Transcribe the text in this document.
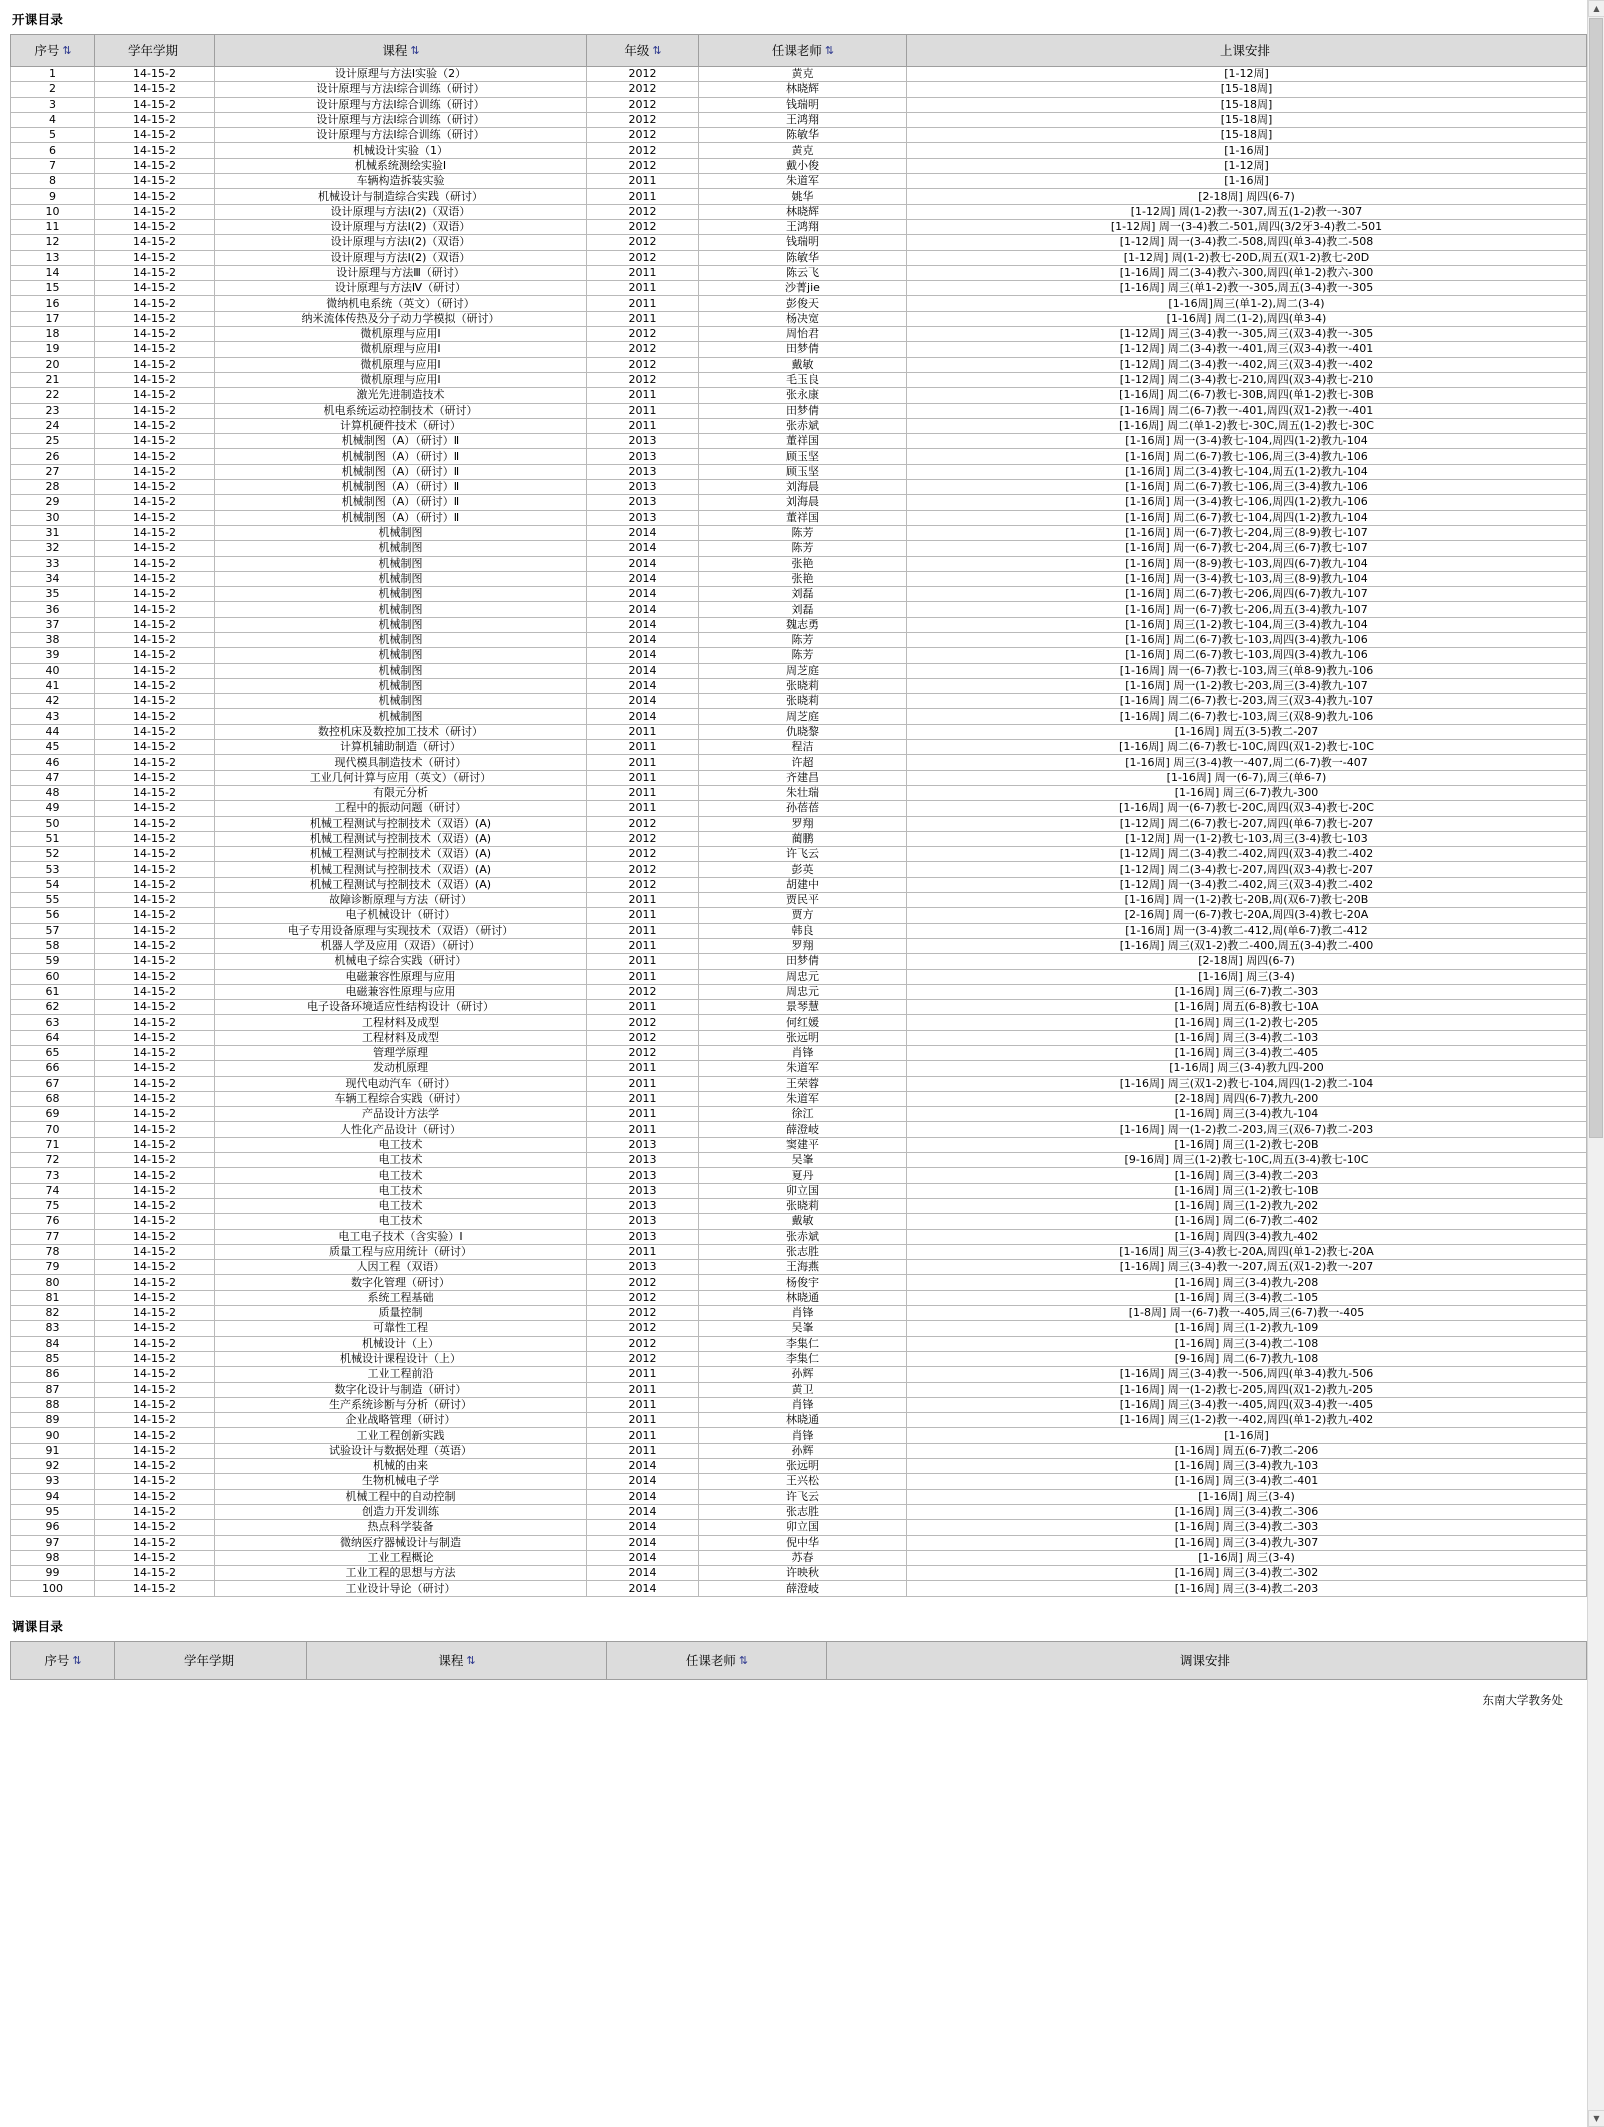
开课目录
序号 ⇅	学年学期	课程 ⇅	年级 ⇅	任课老师 ⇅	上课安排
1	14-15-2	设计原理与方法Ⅰ实验（2）	2012	黄克	[1-12周]
2	14-15-2	设计原理与方法Ⅰ综合训练（研讨）	2012	林晓辉	[15-18周]
3	14-15-2	设计原理与方法Ⅰ综合训练（研讨）	2012	钱瑞明	[15-18周]
4	14-15-2	设计原理与方法Ⅰ综合训练（研讨）	2012	王鸿翔	[15-18周]
5	14-15-2	设计原理与方法Ⅰ综合训练（研讨）	2012	陈敏华	[15-18周]
6	14-15-2	机械设计实验（1）	2012	黄克	[1-16周]
7	14-15-2	机械系统测绘实验Ⅰ	2012	戴小俊	[1-12周]
8	14-15-2	车辆构造拆装实验	2011	朱道军	[1-16周]
9	14-15-2	机械设计与制造综合实践（研讨）	2011	姚华	[2-18周] 周四(6-7)
10	14-15-2	设计原理与方法Ⅰ(2)（双语）	2012	林晓辉	[1-12周] 周(1-2)教一-307,周五(1-2)教一-307
11	14-15-2	设计原理与方法Ⅰ(2)（双语）	2012	王鸿翔	[1-12周] 周一(3-4)教二-501,周四(3/2牙3-4)教二-501
12	14-15-2	设计原理与方法Ⅰ(2)（双语）	2012	钱瑞明	[1-12周] 周一(3-4)教二-508,周四(单3-4)教二-508
13	14-15-2	设计原理与方法Ⅰ(2)（双语）	2012	陈敏华	[1-12周] 周(1-2)教七-20D,周五(双1-2)教七-20D
14	14-15-2	设计原理与方法Ⅲ（研讨）	2011	陈云飞	[1-16周] 周二(3-4)教六-300,周四(单1-2)教六-300
15	14-15-2	设计原理与方法Ⅳ（研讨）	2011	沙菁jie	[1-16周] 周三(单1-2)教一-305,周五(3-4)教一-305
16	14-15-2	微纳机电系统（英文）（研讨）	2011	彭俊天	[1-16周]周三(单1-2),周二(3-4)
17	14-15-2	纳米流体传热及分子动力学模拟（研讨）	2011	杨决宽	[1-16周] 周二(1-2),周四(单3-4)
18	14-15-2	微机原理与应用Ⅰ	2012	周怡君	[1-12周] 周三(3-4)教一-305,周三(双3-4)教一-305
19	14-15-2	微机原理与应用Ⅰ	2012	田梦倩	[1-12周] 周二(3-4)教一-401,周三(双3-4)教一-401
20	14-15-2	微机原理与应用Ⅰ	2012	戴敏	[1-12周] 周二(3-4)教一-402,周三(双3-4)教一-402
21	14-15-2	微机原理与应用Ⅰ	2012	毛玉良	[1-12周] 周二(3-4)教七-210,周四(双3-4)教七-210
22	14-15-2	激光先进制造技术	2011	张永康	[1-16周] 周二(6-7)教七-30B,周四(单1-2)教七-30B
23	14-15-2	机电系统运动控制技术（研讨）	2011	田梦倩	[1-16周] 周二(6-7)教一-401,周四(双1-2)教一-401
24	14-15-2	计算机硬件技术（研讨）	2011	张赤斌	[1-16周] 周二(单1-2)教七-30C,周五(1-2)教七-30C
25	14-15-2	机械制图（A）（研讨）Ⅱ	2013	董祥国	[1-16周] 周一(3-4)教七-104,周四(1-2)教九-104
26	14-15-2	机械制图（A）（研讨）Ⅱ	2013	顾玉坚	[1-16周] 周二(6-7)教七-106,周三(3-4)教九-106
27	14-15-2	机械制图（A）（研讨）Ⅱ	2013	顾玉坚	[1-16周] 周二(3-4)教七-104,周五(1-2)教九-104
28	14-15-2	机械制图（A）（研讨）Ⅱ	2013	刘海晨	[1-16周] 周二(6-7)教七-106,周三(3-4)教九-106
29	14-15-2	机械制图（A）（研讨）Ⅱ	2013	刘海晨	[1-16周] 周一(3-4)教七-106,周四(1-2)教九-106
30	14-15-2	机械制图（A）（研讨）Ⅱ	2013	董祥国	[1-16周] 周二(6-7)教七-104,周四(1-2)教九-104
31	14-15-2	机械制图	2014	陈芳	[1-16周] 周一(6-7)教七-204,周三(8-9)教七-107
32	14-15-2	机械制图	2014	陈芳	[1-16周] 周一(6-7)教七-204,周三(6-7)教七-107
33	14-15-2	机械制图	2014	张艳	[1-16周] 周一(8-9)教七-103,周四(6-7)教九-104
34	14-15-2	机械制图	2014	张艳	[1-16周] 周一(3-4)教七-103,周三(8-9)教九-104
35	14-15-2	机械制图	2014	刘磊	[1-16周] 周二(6-7)教七-206,周四(6-7)教九-107
36	14-15-2	机械制图	2014	刘磊	[1-16周] 周一(6-7)教七-206,周五(3-4)教九-107
37	14-15-2	机械制图	2014	魏志勇	[1-16周] 周三(1-2)教七-104,周三(3-4)教九-104
38	14-15-2	机械制图	2014	陈芳	[1-16周] 周二(6-7)教七-103,周四(3-4)教九-106
39	14-15-2	机械制图	2014	陈芳	[1-16周] 周二(6-7)教七-103,周四(3-4)教九-106
40	14-15-2	机械制图	2014	周芝庭	[1-16周] 周一(6-7)教七-103,周三(单8-9)教九-106
41	14-15-2	机械制图	2014	张晓莉	[1-16周] 周一(1-2)教七-203,周三(3-4)教九-107
42	14-15-2	机械制图	2014	张晓莉	[1-16周] 周二(6-7)教七-203,周三(双3-4)教九-107
43	14-15-2	机械制图	2014	周芝庭	[1-16周] 周二(6-7)教七-103,周三(双8-9)教九-106
44	14-15-2	数控机床及数控加工技术（研讨）	2011	仇晓黎	[1-16周] 周五(3-5)教二-207
45	14-15-2	计算机辅助制造（研讨）	2011	程洁	[1-16周] 周二(6-7)教七-10C,周四(双1-2)教七-10C
46	14-15-2	现代模具制造技术（研讨）	2011	许超	[1-16周] 周三(3-4)教一-407,周二(6-7)教一-407
47	14-15-2	工业几何计算与应用（英文）（研讨）	2011	齐建昌	[1-16周] 周一(6-7),周三(单6-7)
48	14-15-2	有限元分析	2011	朱壮瑞	[1-16周] 周三(6-7)教九-300
49	14-15-2	工程中的振动问题（研讨）	2011	孙蓓蓓	[1-16周] 周一(6-7)教七-20C,周四(双3-4)教七-20C
50	14-15-2	机械工程测试与控制技术（双语）(A)	2012	罗翔	[1-12周] 周二(6-7)教七-207,周四(单6-7)教七-207
51	14-15-2	机械工程测试与控制技术（双语）(A)	2012	蔺鹏	[1-12周] 周一(1-2)教七-103,周三(3-4)教七-103
52	14-15-2	机械工程测试与控制技术（双语）(A)	2012	许飞云	[1-12周] 周二(3-4)教二-402,周四(双3-4)教二-402
53	14-15-2	机械工程测试与控制技术（双语）(A)	2012	彭英	[1-12周] 周二(3-4)教七-207,周四(双3-4)教七-207
54	14-15-2	机械工程测试与控制技术（双语）(A)	2012	胡建中	[1-12周] 周一(3-4)教二-402,周三(双3-4)教二-402
55	14-15-2	故障诊断原理与方法（研讨）	2011	贾民平	[1-16周] 周一(1-2)教七-20B,周(双6-7)教七-20B
56	14-15-2	电子机械设计（研讨）	2011	贾方	[2-16周] 周一(6-7)教七-20A,周四(3-4)教七-20A
57	14-15-2	电子专用设备原理与实现技术（双语）（研讨）	2011	韩良	[1-16周] 周一(3-4)教二-412,周(单6-7)教二-412
58	14-15-2	机器人学及应用（双语）（研讨）	2011	罗翔	[1-16周] 周三(双1-2)教二-400,周五(3-4)教二-400
59	14-15-2	机械电子综合实践（研讨）	2011	田梦倩	[2-18周] 周四(6-7)
60	14-15-2	电磁兼容性原理与应用	2011	周忠元	[1-16周] 周三(3-4)
61	14-15-2	电磁兼容性原理与应用	2012	周忠元	[1-16周] 周三(6-7)教二-303
62	14-15-2	电子设备环境适应性结构设计（研讨）	2011	景琴慧	[1-16周] 周五(6-8)教七-10A
63	14-15-2	工程材料及成型	2012	何红媛	[1-16周] 周三(1-2)教七-205
64	14-15-2	工程材料及成型	2012	张远明	[1-16周] 周三(3-4)教二-103
65	14-15-2	管理学原理	2012	肖锋	[1-16周] 周三(3-4)教二-405
66	14-15-2	发动机原理	2011	朱道军	[1-16周] 周三(3-4)教九四-200
67	14-15-2	现代电动汽车（研讨）	2011	王荣蓉	[1-16周] 周三(双1-2)教七-104,周四(1-2)教二-104
68	14-15-2	车辆工程综合实践（研讨）	2011	朱道军	[2-18周] 周四(6-7)教九-200
69	14-15-2	产品设计方法学	2011	徐江	[1-16周] 周三(3-4)教九-104
70	14-15-2	人性化产品设计（研讨）	2011	薛澄岐	[1-16周] 周一(1-2)教二-203,周三(双6-7)教二-203
71	14-15-2	电工技术	2013	窦建平	[1-16周] 周三(1-2)教七-20B
72	14-15-2	电工技术	2013	吴峯	[9-16周] 周三(1-2)教七-10C,周五(3-4)教七-10C
73	14-15-2	电工技术	2013	夏丹	[1-16周] 周三(3-4)教二-203
74	14-15-2	电工技术	2013	卯立国	[1-16周] 周三(1-2)教七-10B
75	14-15-2	电工技术	2013	张晓莉	[1-16周] 周三(1-2)教九-202
76	14-15-2	电工技术	2013	戴敏	[1-16周] 周二(6-7)教二-402
77	14-15-2	电工电子技术（含实验）Ⅰ	2013	张赤斌	[1-16周] 周四(3-4)教九-402
78	14-15-2	质量工程与应用统计（研讨）	2011	张志胜	[1-16周] 周三(3-4)教七-20A,周四(单1-2)教七-20A
79	14-15-2	人因工程（双语）	2013	王海燕	[1-16周] 周三(3-4)教一-207,周五(双1-2)教一-207
80	14-15-2	数字化管理（研讨）	2012	杨俊宇	[1-16周] 周三(3-4)教九-208
81	14-15-2	系统工程基础	2012	林晓通	[1-16周] 周三(3-4)教二-105
82	14-15-2	质量控制	2012	肖锋	[1-8周] 周一(6-7)教一-405,周三(6-7)教一-405
83	14-15-2	可靠性工程	2012	吴峯	[1-16周] 周三(1-2)教九-109
84	14-15-2	机械设计（上）	2012	李集仁	[1-16周] 周三(3-4)教二-108
85	14-15-2	机械设计课程设计（上）	2012	李集仁	[9-16周] 周二(6-7)教九-108
86	14-15-2	工业工程前沿	2011	孙辉	[1-16周] 周三(3-4)教一-506,周四(单3-4)教九-506
87	14-15-2	数字化设计与制造（研讨）	2011	黄卫	[1-16周] 周一(1-2)教七-205,周四(双1-2)教九-205
88	14-15-2	生产系统诊断与分析（研讨）	2011	肖锋	[1-16周] 周三(3-4)教一-405,周四(双3-4)教一-405
89	14-15-2	企业战略管理（研讨）	2011	林晓通	[1-16周] 周三(1-2)教一-402,周四(单1-2)教九-402
90	14-15-2	工业工程创新实践	2011	肖锋	[1-16周]
91	14-15-2	试验设计与数据处理（英语）	2011	孙辉	[1-16周] 周五(6-7)教二-206
92	14-15-2	机械的由来	2014	张远明	[1-16周] 周三(3-4)教九-103
93	14-15-2	生物机械电子学	2014	王兴松	[1-16周] 周三(3-4)教二-401
94	14-15-2	机械工程中的自动控制	2014	许飞云	[1-16周] 周三(3-4)
95	14-15-2	创造力开发训练	2014	张志胜	[1-16周] 周三(3-4)教二-306
96	14-15-2	热点科学装备	2014	卯立国	[1-16周] 周三(3-4)教二-303
97	14-15-2	微纳医疗器械设计与制造	2014	倪中华	[1-16周] 周三(3-4)教九-307
98	14-15-2	工业工程概论	2014	苏春	[1-16周] 周三(3-4)
99	14-15-2	工业工程的思想与方法	2014	许映秋	[1-16周] 周三(3-4)教二-302
100	14-15-2	工业设计导论（研讨）	2014	薛澄岐	[1-16周] 周三(3-4)教二-203
调课目录
序号 ⇅	学年学期	课程 ⇅	任课老师 ⇅	调课安排
东南大学教务处
▲
▼
